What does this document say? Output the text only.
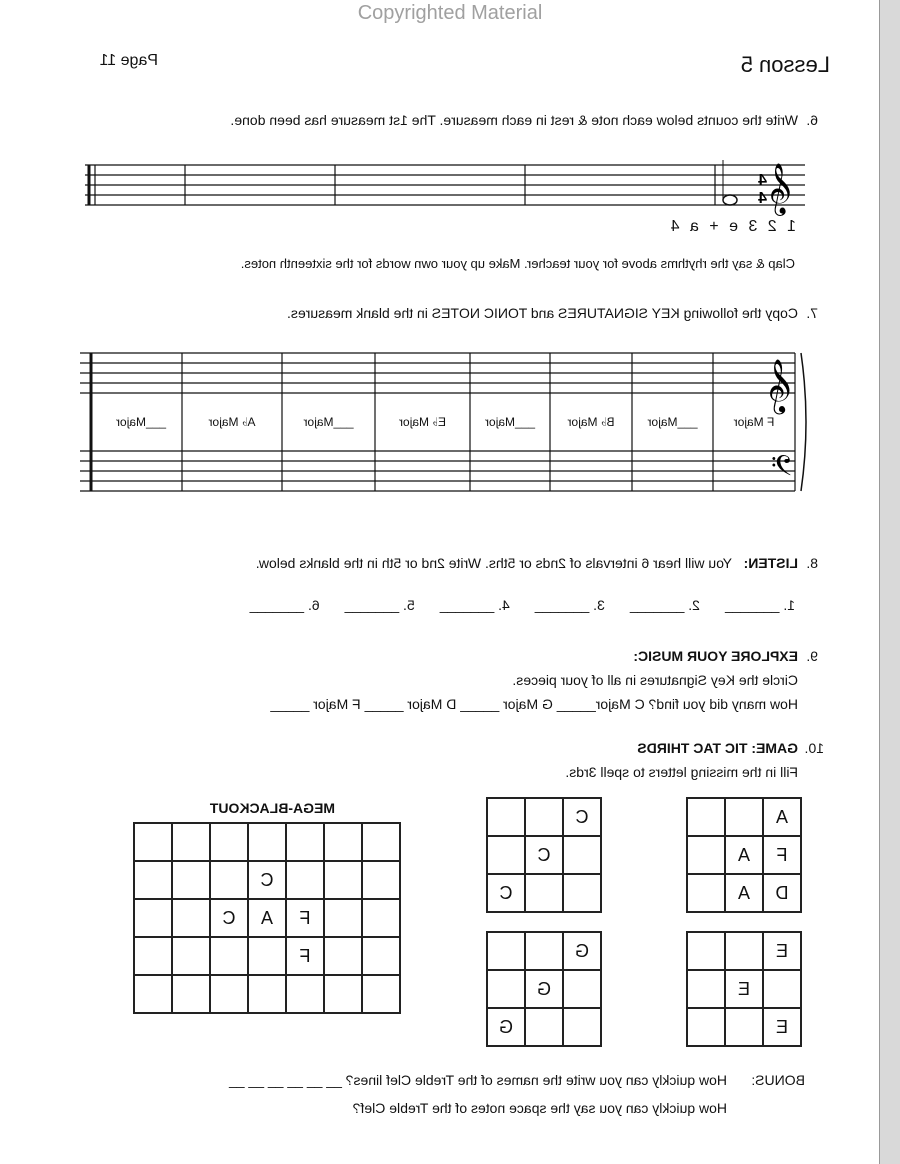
Copyrighted Material
Lesson 5
Page 11
6.
Write the counts below each note & rest in each measure. The 1st measure has been done.
𝄞
4
4
1 2 3 e + a 4
Clap & say the rhythms above for your teacher. Make up your own words for the sixteenth notes.
7.
Copy the following KEY SIGNATURES and TONIC NOTES in the blank measures.
𝄞
𝄢
F Major
___Major
B♭ Major
___Major
E♭ Major
___Major
A♭ Major
___Major
8.
LISTEN:
You will hear 6 intervals of 2nds or 5ths. Write 2nd or 5th in the blanks below.
1. _______
2. _______
3. _______
4. _______
5. _______
6. _______
9.
EXPLORE YOUR MUSIC:
Circle the Key Signatures in all of your pieces.
How many did you find? C Major_____ G Major _____ D Major _____ F Major _____
10.
GAME: TIC TAC THIRDS
Fill in the missing letters to spell 3rds.
MEGA-BLACKOUT	A
F
A
D
A
C
C
C
E
E
E
G
G
G
C
F
A
C
F
BONUS:
How quickly can you write the names of the Treble Clef lines? __ __ __ __ __ __
How quickly can you say the space notes of the Treble Clef?
